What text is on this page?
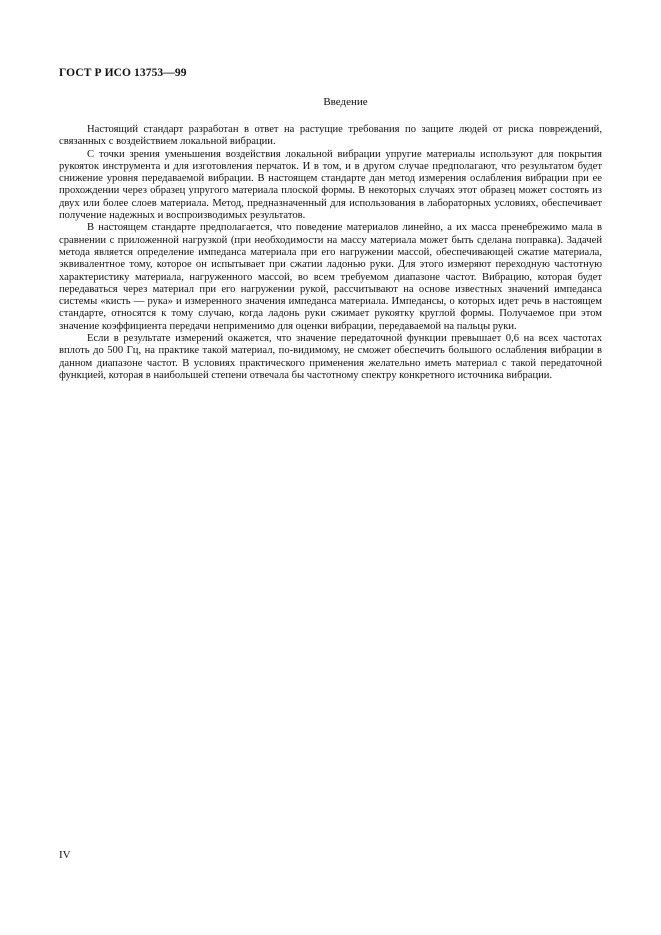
ГОСТ Р ИСО 13753—99
Введение

Настоящий стандарт разработан в ответ на растущие требования по защите людей от риска повреждений, связанных с воздействием локальной вибрации.

С точки зрения уменьшения воздействия локальной вибрации упругие материалы используют для покрытия рукояток инструмента и для изготовления перчаток. И в том, и в другом случае предполагают, что результатом будет снижение уровня передаваемой вибрации. В настоящем стандарте дан метод измерения ослабления вибрации при ее прохождении через образец упругого материала плоской формы. В некоторых случаях этот образец может состоять из двух или более слоев материала. Метод, предназначенный для использования в лабораторных условиях, обеспечивает получение надежных и воспроизводимых результатов.

В настоящем стандарте предполагается, что поведение материалов линейно, а их масса пренебрежимо мала в сравнении с приложенной нагрузкой (при необходимости на массу материала может быть сделана поправка). Задачей метода является определение импеданса материала при его нагружении массой, обеспечивающей сжатие материала, эквивалентное тому, которое он испытывает при сжатии ладонью руки. Для этого измеряют переходную частотную характеристику материала, нагруженного массой, во всем требуемом диапазоне частот. Вибрацию, которая будет передаваться через материал при его нагружении рукой, рассчитывают на основе известных значений импеданса системы «кисть — рука» и измеренного значения импеданса материала. Импедансы, о которых идет речь в настоящем стандарте, относятся к тому случаю, когда ладонь руки сжимает рукоятку круглой формы. Получаемое при этом значение коэффициента передачи неприменимо для оценки вибрации, передаваемой на пальцы руки.

Если в результате измерений окажется, что значение передаточной функции превышает 0,6 на всех частотах вплоть до 500 Гц, на практике такой материал, по-видимому, не сможет обеспечить большого ослабления вибрации в данном диапазоне частот. В условиях практического применения желательно иметь материал с такой передаточной функцией, которая в наибольшей степени отвечала бы частотному спектру конкретного источника вибрации.

IV
